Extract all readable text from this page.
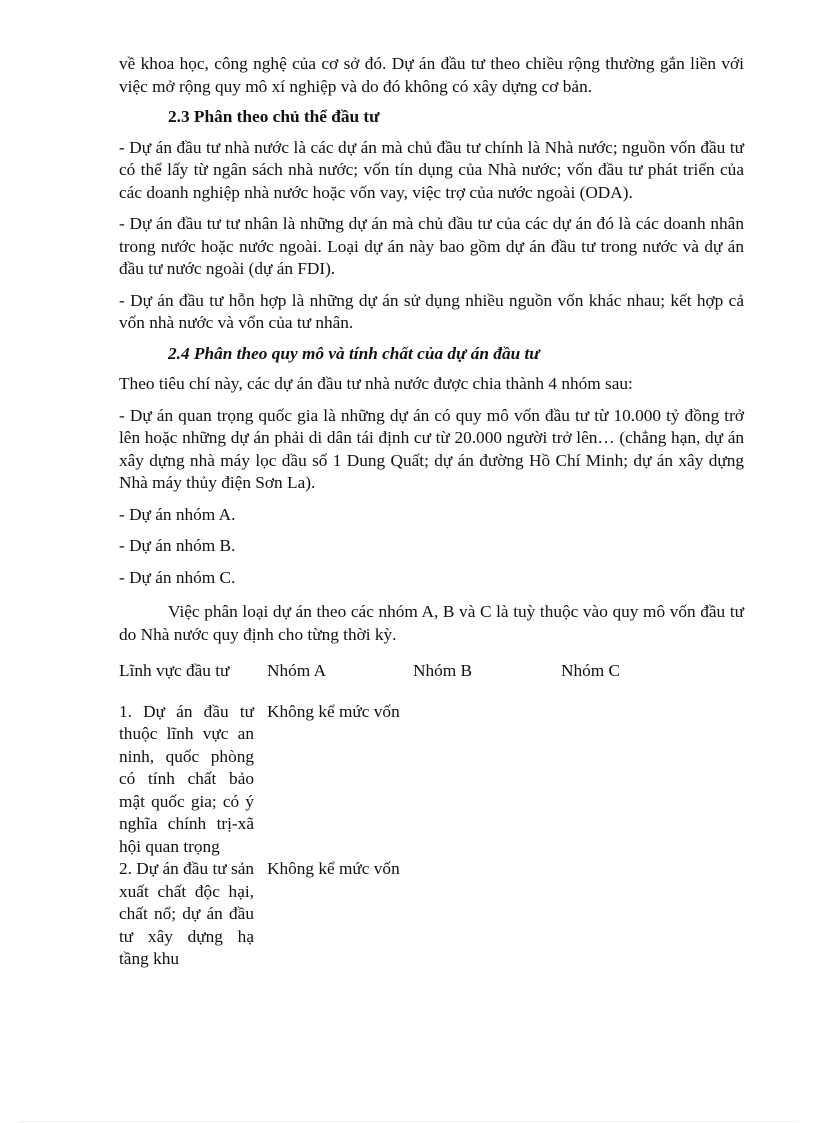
về khoa học, công nghệ của cơ sở đó. Dự án đầu tư theo chiều rộng thường gắn liền với việc mở rộng quy mô xí nghiệp và do đó không có xây dựng cơ bản.

2.3 Phân theo chủ thể đầu tư

- Dự án đầu tư nhà nước là các dự án mà chủ đầu tư chính là Nhà nước; nguồn vốn đầu tư có thể lấy từ ngân sách nhà nước; vốn tín dụng của Nhà nước; vốn đầu tư phát triển của các doanh nghiệp nhà nước hoặc vốn vay, việc trợ của nước ngoài (ODA).

- Dự án đầu tư tư nhân là những dự án mà chủ đầu tư của các dự án đó là các doanh nhân trong nước hoặc nước ngoài. Loại dự án này bao gồm dự án đầu tư trong nước và dự án đầu tư nước ngoài (dự án FDI).

- Dự án đầu tư hỗn hợp là những dự án sử dụng nhiều nguồn vốn khác nhau; kết hợp cả vốn nhà nước và vốn của tư nhân.

2.4 Phân theo quy mô và tính chất của dự án đầu tư

Theo tiêu chí này, các dự án đầu tư nhà nước được chia thành 4 nhóm sau:

- Dự án quan trọng quốc gia là những dự án có quy mô vốn đầu tư từ 10.000 tỷ đồng trở lên hoặc những dự án phải di dân tái định cư từ 20.000 người trở lên… (chẳng hạn, dự án xây dựng nhà máy lọc dầu số 1 Dung Quất; dự án đường Hồ Chí Minh; dự án xây dựng Nhà máy thủy điện Sơn La).

- Dự án nhóm A.

- Dự án nhóm B.

- Dự án nhóm C.

Việc phân loại dự án theo các nhóm A, B và C là tuỳ thuộc vào quy mô vốn đầu tư do Nhà nước quy định cho từng thời kỳ.

Lĩnh vực đầu tư	Nhóm A	Nhóm B	Nhóm C

1. Dự án đầu tư thuộc lĩnh vực an ninh, quốc phòng có tính chất bảo mật quốc gia; có ý nghĩa chính trị-xã hội quan trọng	Không kể mức vốn		

2. Dự án đầu tư sản xuất chất độc hại, chất nổ; dự án đầu tư xây dựng hạ tầng khu	Không kể mức vốn		
